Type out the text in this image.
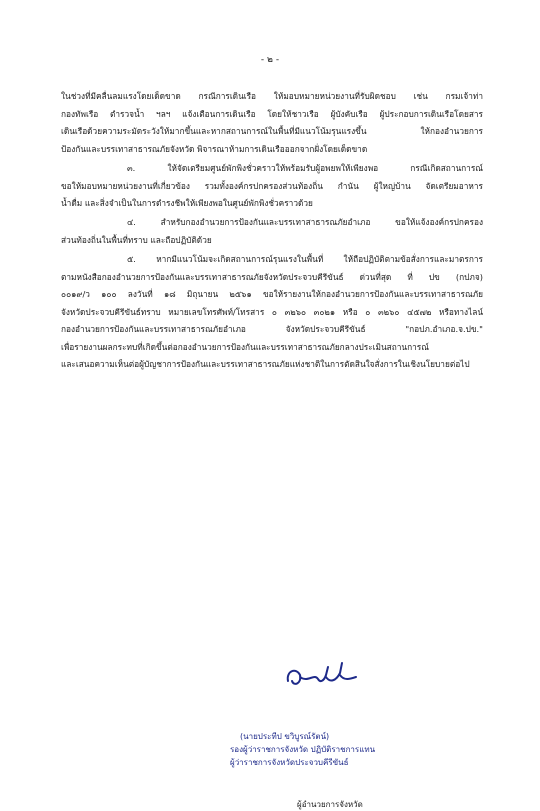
- ๒ -
ในช่วงที่มีคลื่นลมแรงโดยเด็ดขาด กรณีการเดินเรือ ให้มอบหมายหน่วยงานที่รับผิดชอบ เช่น กรมเจ้าท่า
กองทัพเรือ ตำรวจน้ำ ฯลฯ แจ้งเตือนการเดินเรือ โดยให้ชาวเรือ ผู้บังคับเรือ ผู้ประกอบการเดินเรือโดยสาร
เดินเรือด้วยความระมัดระวังให้มากขึ้นและหากสถานการณ์ในพื้นที่มีแนวโน้มรุนแรงขึ้น ให้กองอำนวยการ
ป้องกันและบรรเทาสาธารณภัยจังหวัด พิจารณาห้ามการเดินเรือออกจากฝั่งโดยเด็ดขาด
๓. ให้จัดเตรียมศูนย์พักพิงชั่วคราวให้พร้อมรับผู้อพยพให้เพียงพอ กรณีเกิดสถานการณ์
ขอให้มอบหมายหน่วยงานที่เกี่ยวข้อง รวมทั้งองค์กรปกครองส่วนท้องถิ่น กำนัน ผู้ใหญ่บ้าน จัดเตรียมอาหาร
น้ำดื่ม และสิ่งจำเป็นในการดำรงชีพให้เพียงพอในศูนย์พักพิงชั่วคราวด้วย
๔. สำหรับกองอำนวยการป้องกันและบรรเทาสาธารณภัยอำเภอ ขอให้แจ้งองค์กรปกครอง
ส่วนท้องถิ่นในพื้นที่ทราบ และถือปฏิบัติด้วย
๕. หากมีแนวโน้มจะเกิดสถานการณ์รุนแรงในพื้นที่ ให้ถือปฏิบัติตามข้อสั่งการและมาตรการ
ตามหนังสือกองอำนวยการป้องกันและบรรเทาสาธารณภัยจังหวัดประจวบคีรีขันธ์ ด่วนที่สุด ที่ ปข (กปภจ)
๐๐๑๙/ว ๑๐๐ ลงวันที่ ๑๘ มิถุนายน ๒๕๖๑ ขอให้รายงานให้กองอำนวยการป้องกันและบรรเทาสาธารณภัย
จังหวัดประจวบคีรีขันธ์ทราบ หมายเลขโทรศัพท์/โทรสาร ๐ ๓๒๖๐ ๓๐๒๑ หรือ ๐ ๓๒๖๐ ๔๕๗๒ หรือทางไลน์
กองอำนวยการป้องกันและบรรเทาสาธารณภัยอำเภอ จังหวัดประจวบคีรีขันธ์ "กอปภ.อำเภอ.จ.ปข."
เพื่อรายงานผลกระทบที่เกิดขึ้นต่อกองอำนวยการป้องกันและบรรเทาสาธารณภัยกลางประเมินสถานการณ์
และเสนอความเห็นต่อผู้บัญชาการป้องกันและบรรเทาสาธารณภัยแห่งชาติในการตัดสินใจสั่งการในเชิงนโยบายต่อไป
(นายประทีป ขวิบูรณ์รัตน์)
รองผู้ว่าราชการจังหวัด ปฏิบัติราชการแทน
ผู้ว่าราชการจังหวัดประจวบคีรีขันธ์
ผู้อำนวยการจังหวัด
